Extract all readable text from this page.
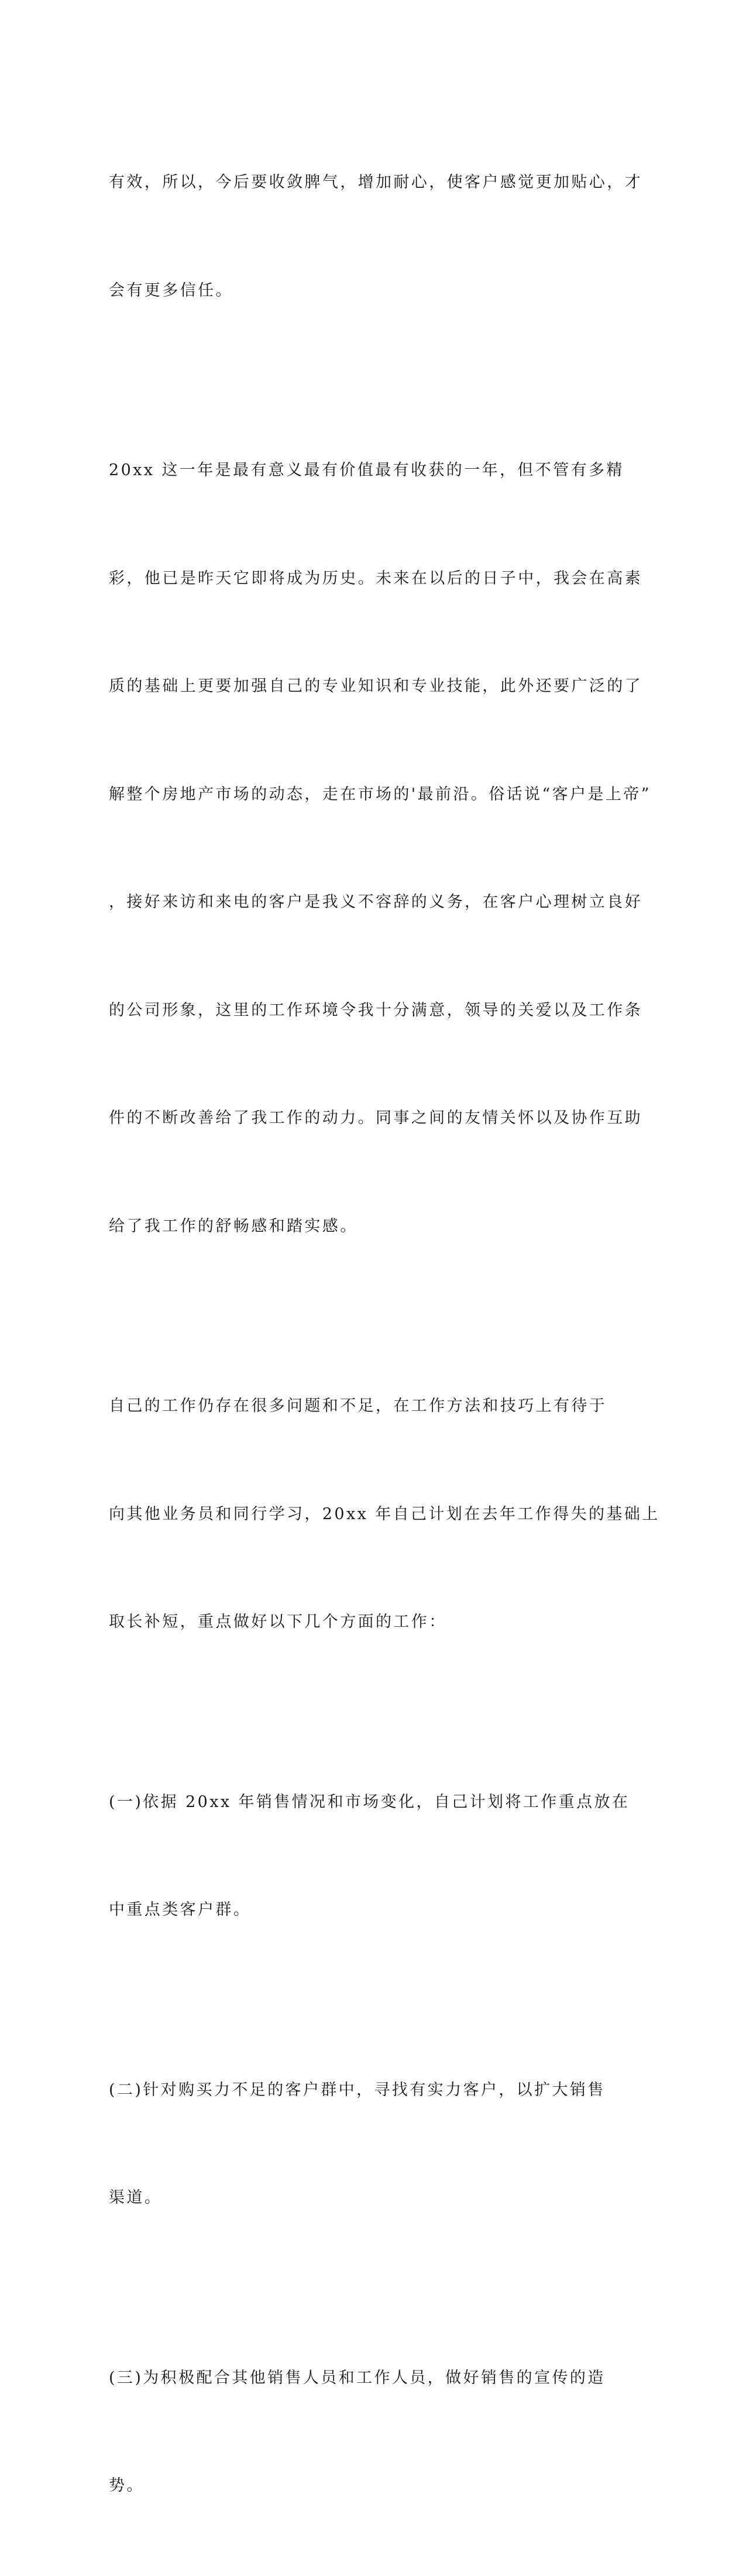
有效，所以，今后要收敛脾气，增加耐心，使客户感觉更加贴心，才

会有更多信任。

20xx 这一年是最有意义最有价值最有收获的一年，但不管有多精

彩，他已是昨天它即将成为历史。未来在以后的日子中，我会在高素

质的基础上更要加强自己的专业知识和专业技能，此外还要广泛的了

解整个房地产市场的动态，走在市场的'最前沿。俗话说“客户是上帝”

，接好来访和来电的客户是我义不容辞的义务，在客户心理树立良好

的公司形象，这里的工作环境令我十分满意，领导的关爱以及工作条

件的不断改善给了我工作的动力。同事之间的友情关怀以及协作互助

给了我工作的舒畅感和踏实感。

自己的工作仍存在很多问题和不足，在工作方法和技巧上有待于

向其他业务员和同行学习，20xx 年自己计划在去年工作得失的基础上

取长补短，重点做好以下几个方面的工作：

(一)依据 20xx 年销售情况和市场变化，自己计划将工作重点放在

中重点类客户群。

(二)针对购买力不足的客户群中，寻找有实力客户，以扩大销售

渠道。

(三)为积极配合其他销售人员和工作人员，做好销售的宣传的造

势。
